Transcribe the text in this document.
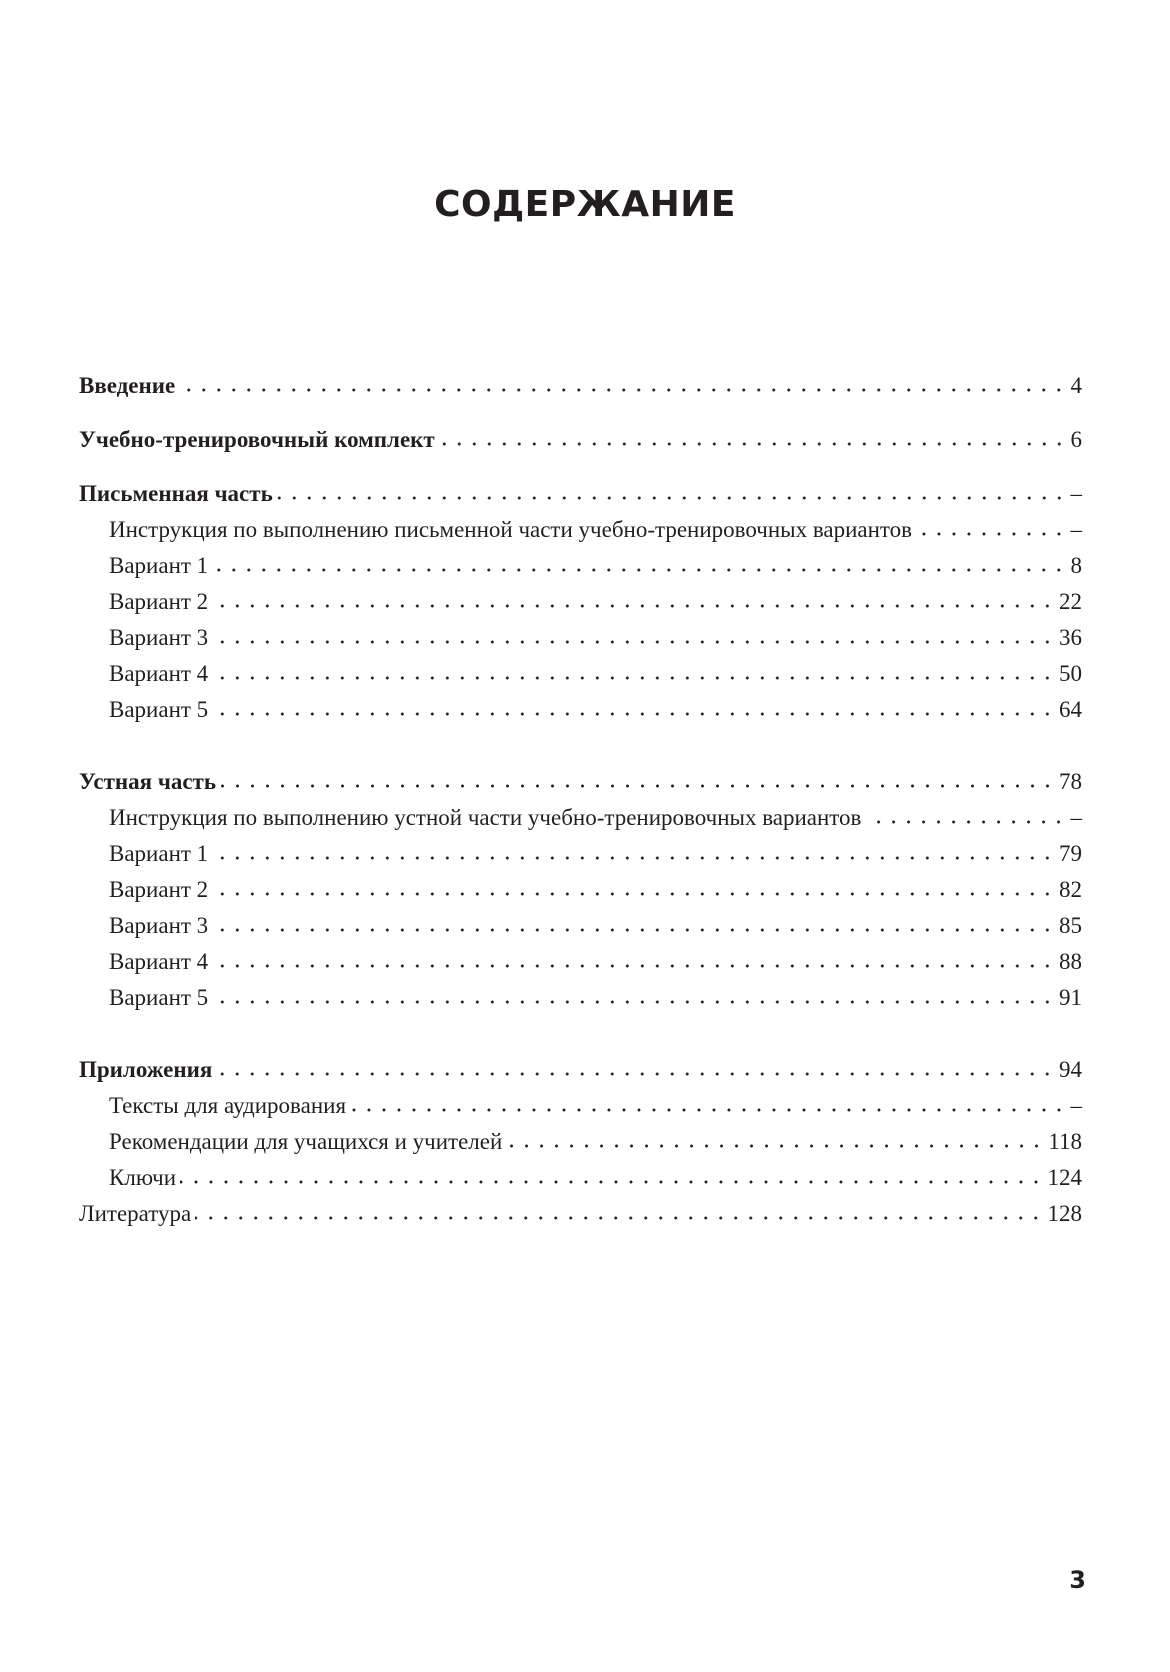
СОДЕРЖАНИЕ
Введение	4
Учебно-тренировочный комплект	6
Письменная часть	–
Инструкция по выполнению письменной части учебно-тренировочных вариантов	–
Вариант 1	8
Вариант 2	22
Вариант 3	36
Вариант 4	50
Вариант 5	64
Устная часть	78
Инструкция по выполнению устной части учебно-тренировочных вариантов	–
Вариант 1	79
Вариант 2	82
Вариант 3	85
Вариант 4	88
Вариант 5	91
Приложения	94
Тексты для аудирования	–
Рекомендации для учащихся и учителей	118
Ключи	124
Литература	128
3
